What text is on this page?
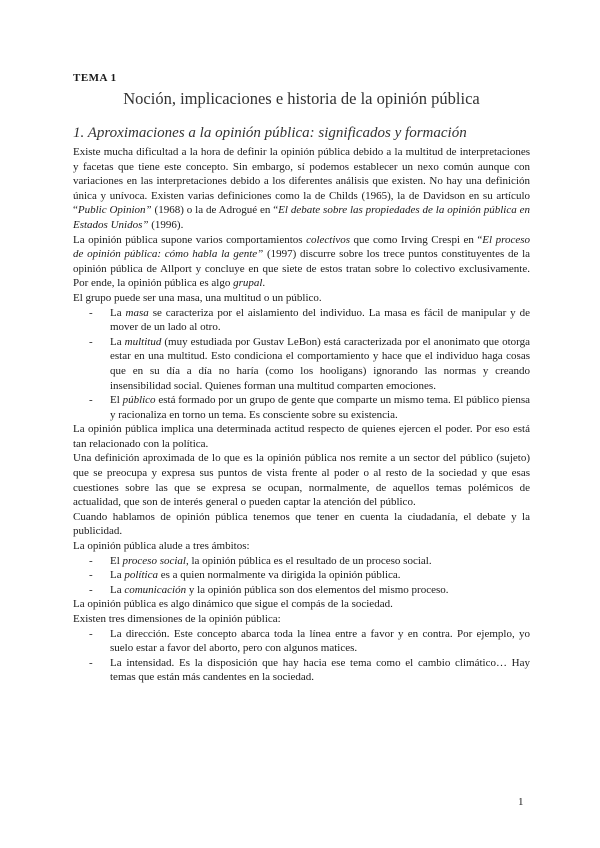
TEMA 1
Noción, implicaciones e historia de la opinión pública
1. Aproximaciones a la opinión pública: significados y formación

Existe mucha dificultad a la hora de definir la opinión pública debido a la multitud de interpretaciones y facetas que tiene este concepto. Sin embargo, sí podemos establecer un nexo común aunque con variaciones en las interpretaciones debido a los diferentes análisis que existen. No hay una definición única y unívoca. Existen varias definiciones como la de Childs (1965), la de Davidson en su artículo “Public Opinion” (1968) o la de Adrogué en “El debate sobre las propiedades de la opinión pública en Estados Unidos” (1996).

La opinión pública supone varios comportamientos colectivos que como Irving Crespi en “El proceso de opinión pública: cómo habla la gente” (1997) discurre sobre los trece puntos constituyentes de la opinión pública de Allport y concluye en que siete de estos tratan sobre lo colectivo exclusivamente. Por ende, la opinión pública es algo grupal.

El grupo puede ser una masa, una multitud o un público.

- La masa se caracteriza por el aislamiento del individuo. La masa es fácil de manipular y de mover de un lado al otro.
- La multitud (muy estudiada por Gustav LeBon) está caracterizada por el anonimato que otorga estar en una multitud. Esto condiciona el comportamiento y hace que el individuo haga cosas que en su día a día no haría (como los hooligans) ignorando las normas y creando insensibilidad social. Quienes forman una multitud comparten emociones.
- El público está formado por un grupo de gente que comparte un mismo tema. El público piensa y racionaliza en torno un tema. Es consciente sobre su existencia.

La opinión pública implica una determinada actitud respecto de quienes ejercen el poder. Por eso está tan relacionado con la política.

Una definición aproximada de lo que es la opinión pública nos remite a un sector del público (sujeto) que se preocupa y expresa sus puntos de vista frente al poder o al resto de la sociedad y que esas cuestiones sobre las que se expresa se ocupan, normalmente, de aquellos temas polémicos de actualidad, que son de interés general o pueden captar la atención del público.

Cuando hablamos de opinión pública tenemos que tener en cuenta la ciudadanía, el debate y la publicidad.

La opinión pública alude a tres ámbitos:

- El proceso social, la opinión pública es el resultado de un proceso social.
- La política es a quien normalmente va dirigida la opinión pública.
- La comunicación y la opinión pública son dos elementos del mismo proceso.

La opinión pública es algo dinámico que sigue el compás de la sociedad.

Existen tres dimensiones de la opinión pública:

- La dirección. Este concepto abarca toda la línea entre a favor y en contra. Por ejemplo, yo suelo estar a favor del aborto, pero con algunos matices.
- La intensidad. Es la disposición que hay hacia ese tema como el cambio climático… Hay temas que están más candentes en la sociedad.
1
